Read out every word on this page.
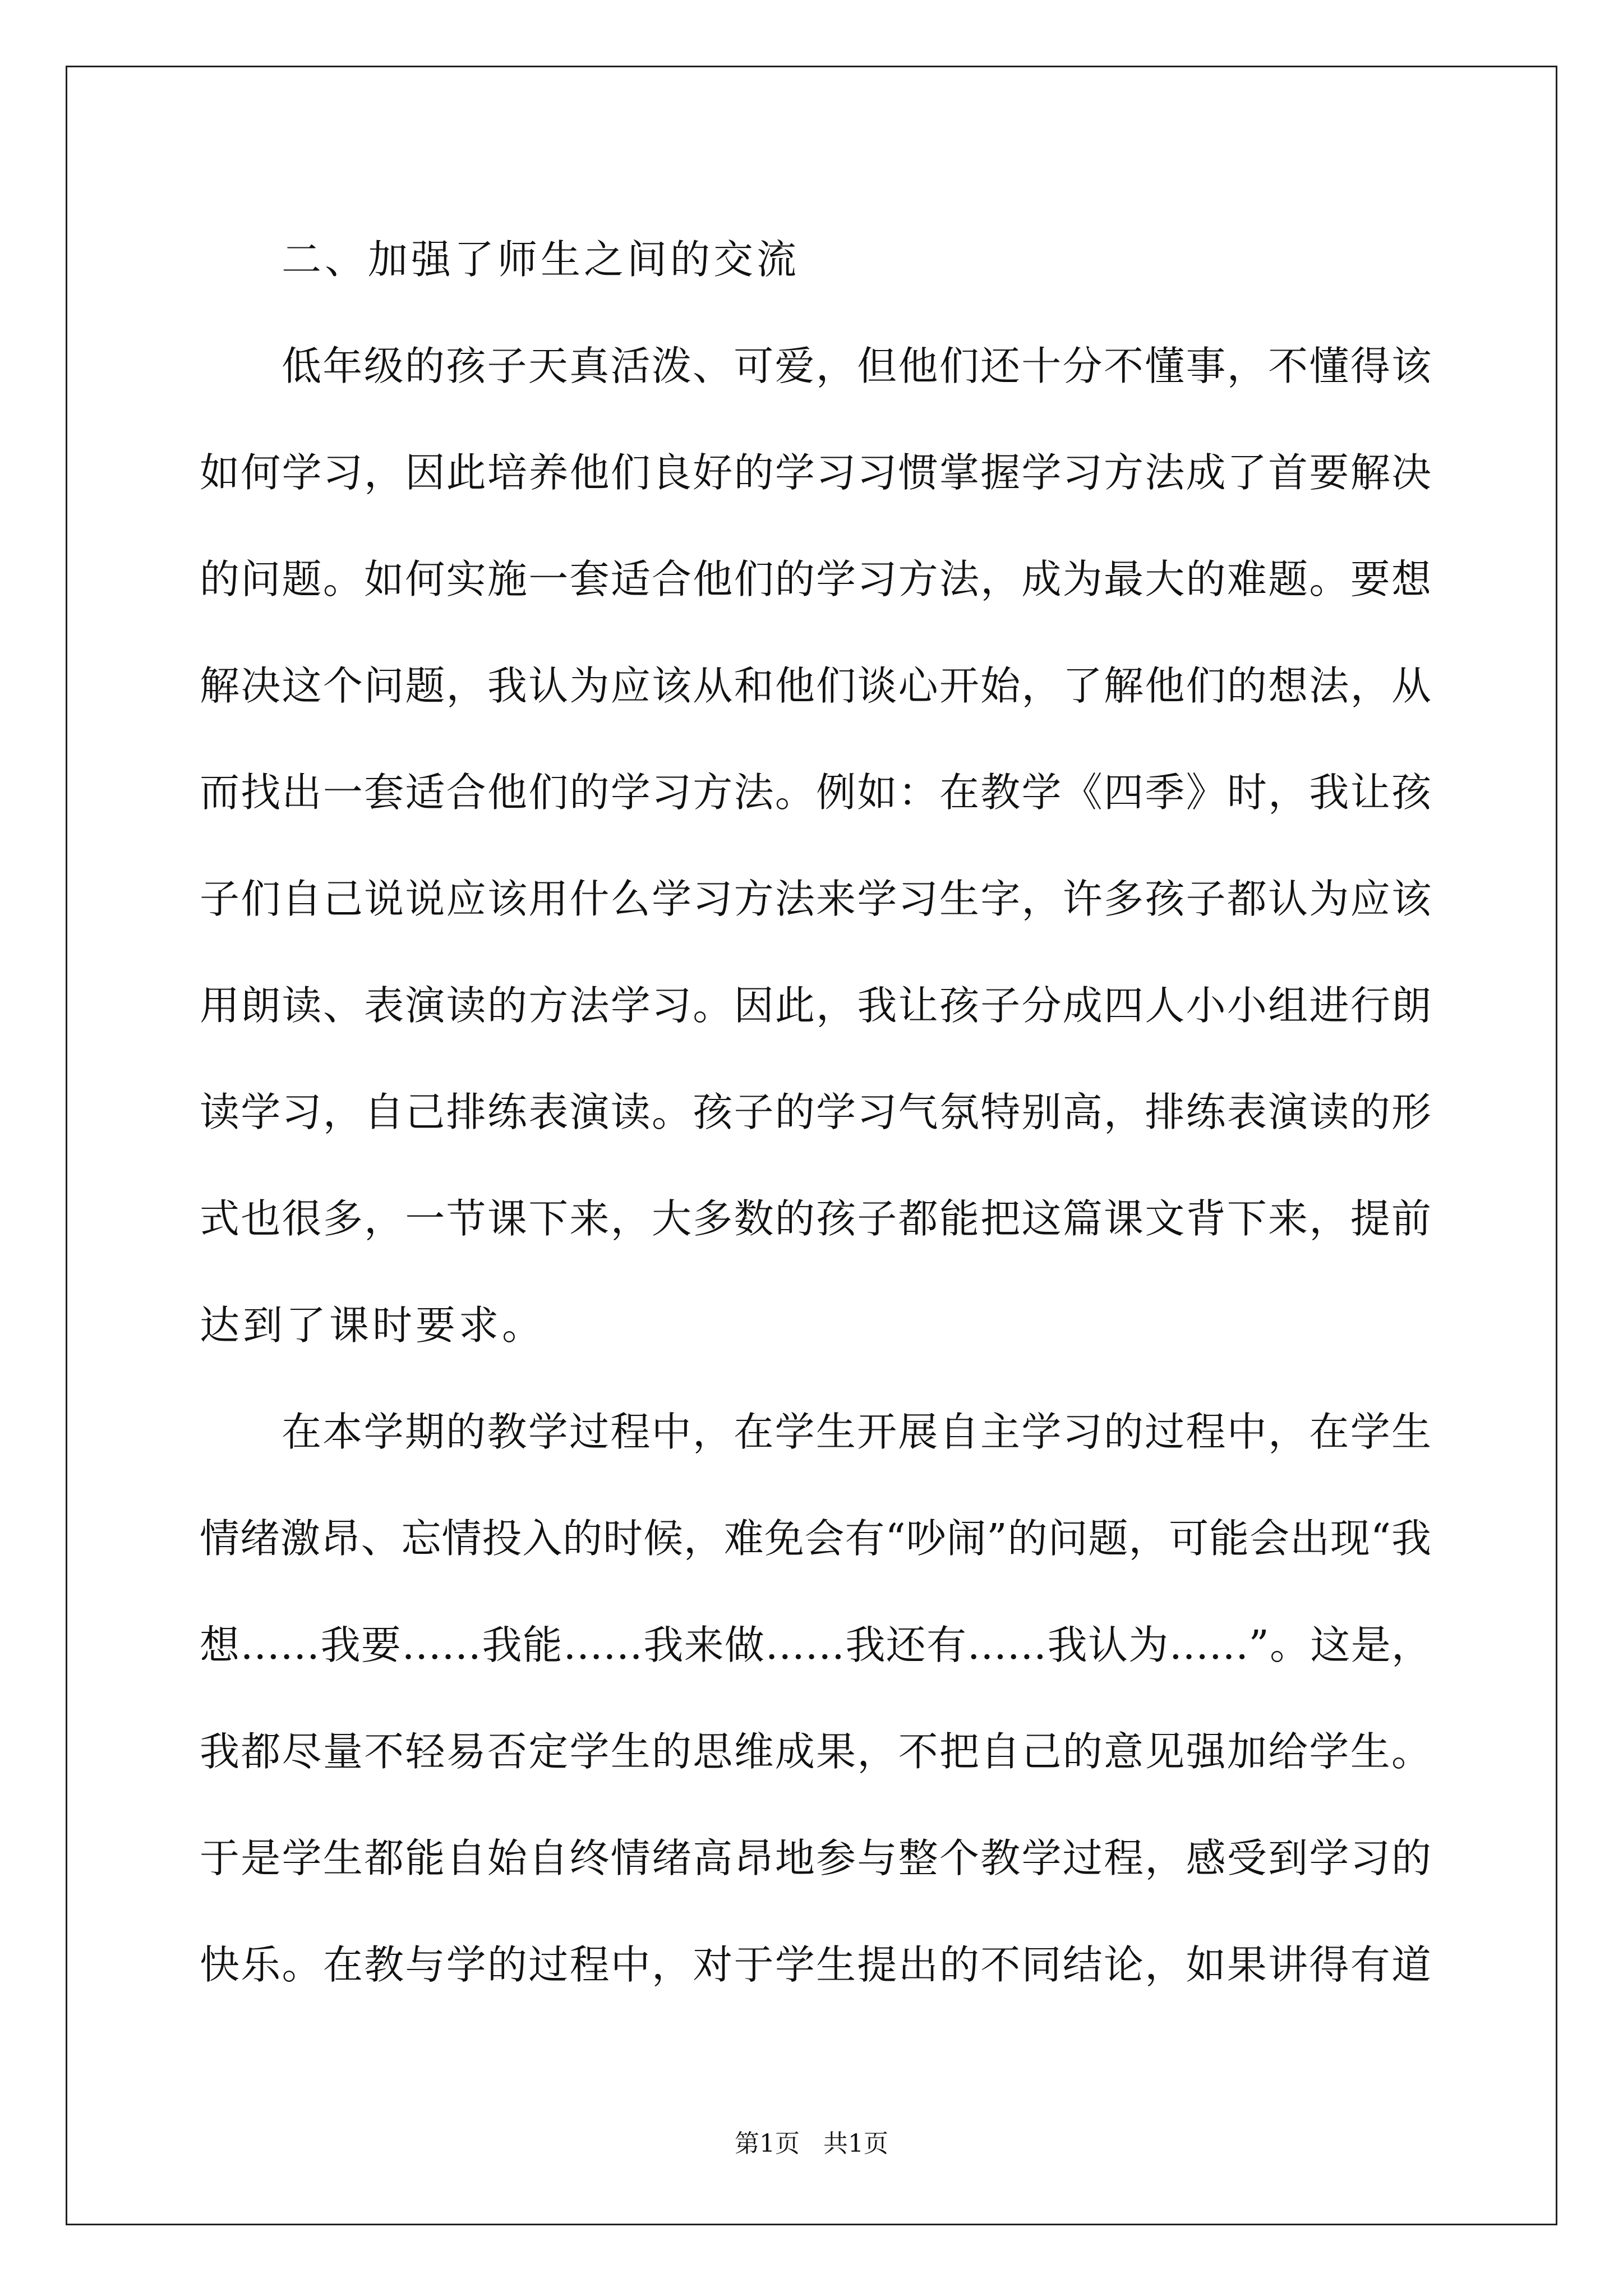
二、加强了师生之间的交流

低年级的孩子天真活泼、可爱，但他们还十分不懂事，不懂得该

如何学习，因此培养他们良好的学习习惯掌握学习方法成了首要解决

的问题。如何实施一套适合他们的学习方法，成为最大的难题。要想

解决这个问题，我认为应该从和他们谈心开始，了解他们的想法，从

而找出一套适合他们的学习方法。例如：在教学《四季》时，我让孩

子们自己说说应该用什么学习方法来学习生字，许多孩子都认为应该

用朗读、表演读的方法学习。因此，我让孩子分成四人小小组进行朗

读学习，自己排练表演读。孩子的学习气氛特别高，排练表演读的形

式也很多，一节课下来，大多数的孩子都能把这篇课文背下来，提前

达到了课时要求。

在本学期的教学过程中，在学生开展自主学习的过程中，在学生

情绪激昂、忘情投入的时候，难免会有“吵闹”的问题，可能会出现“我

想……我要……我能……我来做……我还有……我认为……”。这是，

我都尽量不轻易否定学生的思维成果，不把自己的意见强加给学生。

于是学生都能自始自终情绪高昂地参与整个教学过程，感受到学习的

快乐。在教与学的过程中，对于学生提出的不同结论，如果讲得有道

第1页   共1页
